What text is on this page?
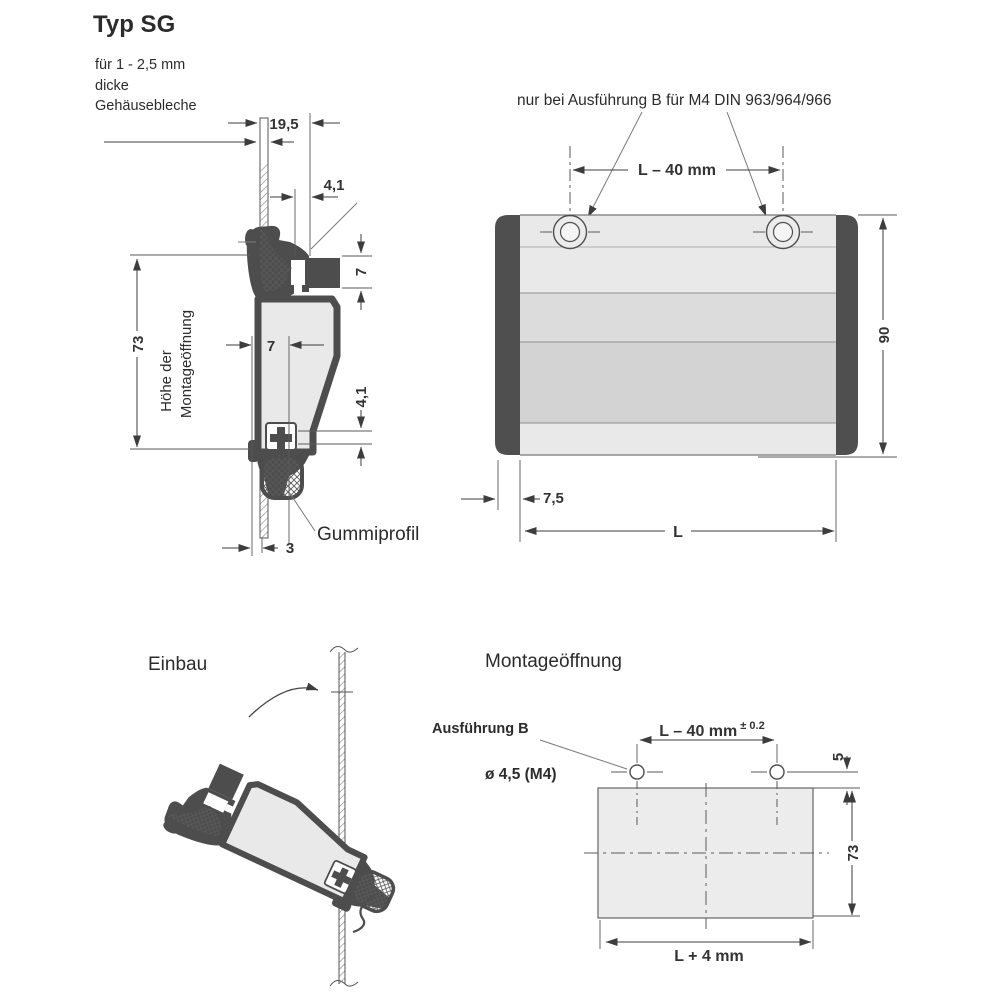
Typ SG
für 1 - 2,5 mm
dicke
Gehäusebleche
19,5
4,1
7
73
Höhe der Montageöffnung	7
4,1
3
Gummiprofil
nur bei Ausführung B für M4 DIN 963/964/966
L – 40 mm
90
7,5
L
Einbau	Montageöffnung
Ausführung B
ø 4,5 (M4)
L – 40 mm $^{\pm 0.2}$
5
73
L + 4 mm
